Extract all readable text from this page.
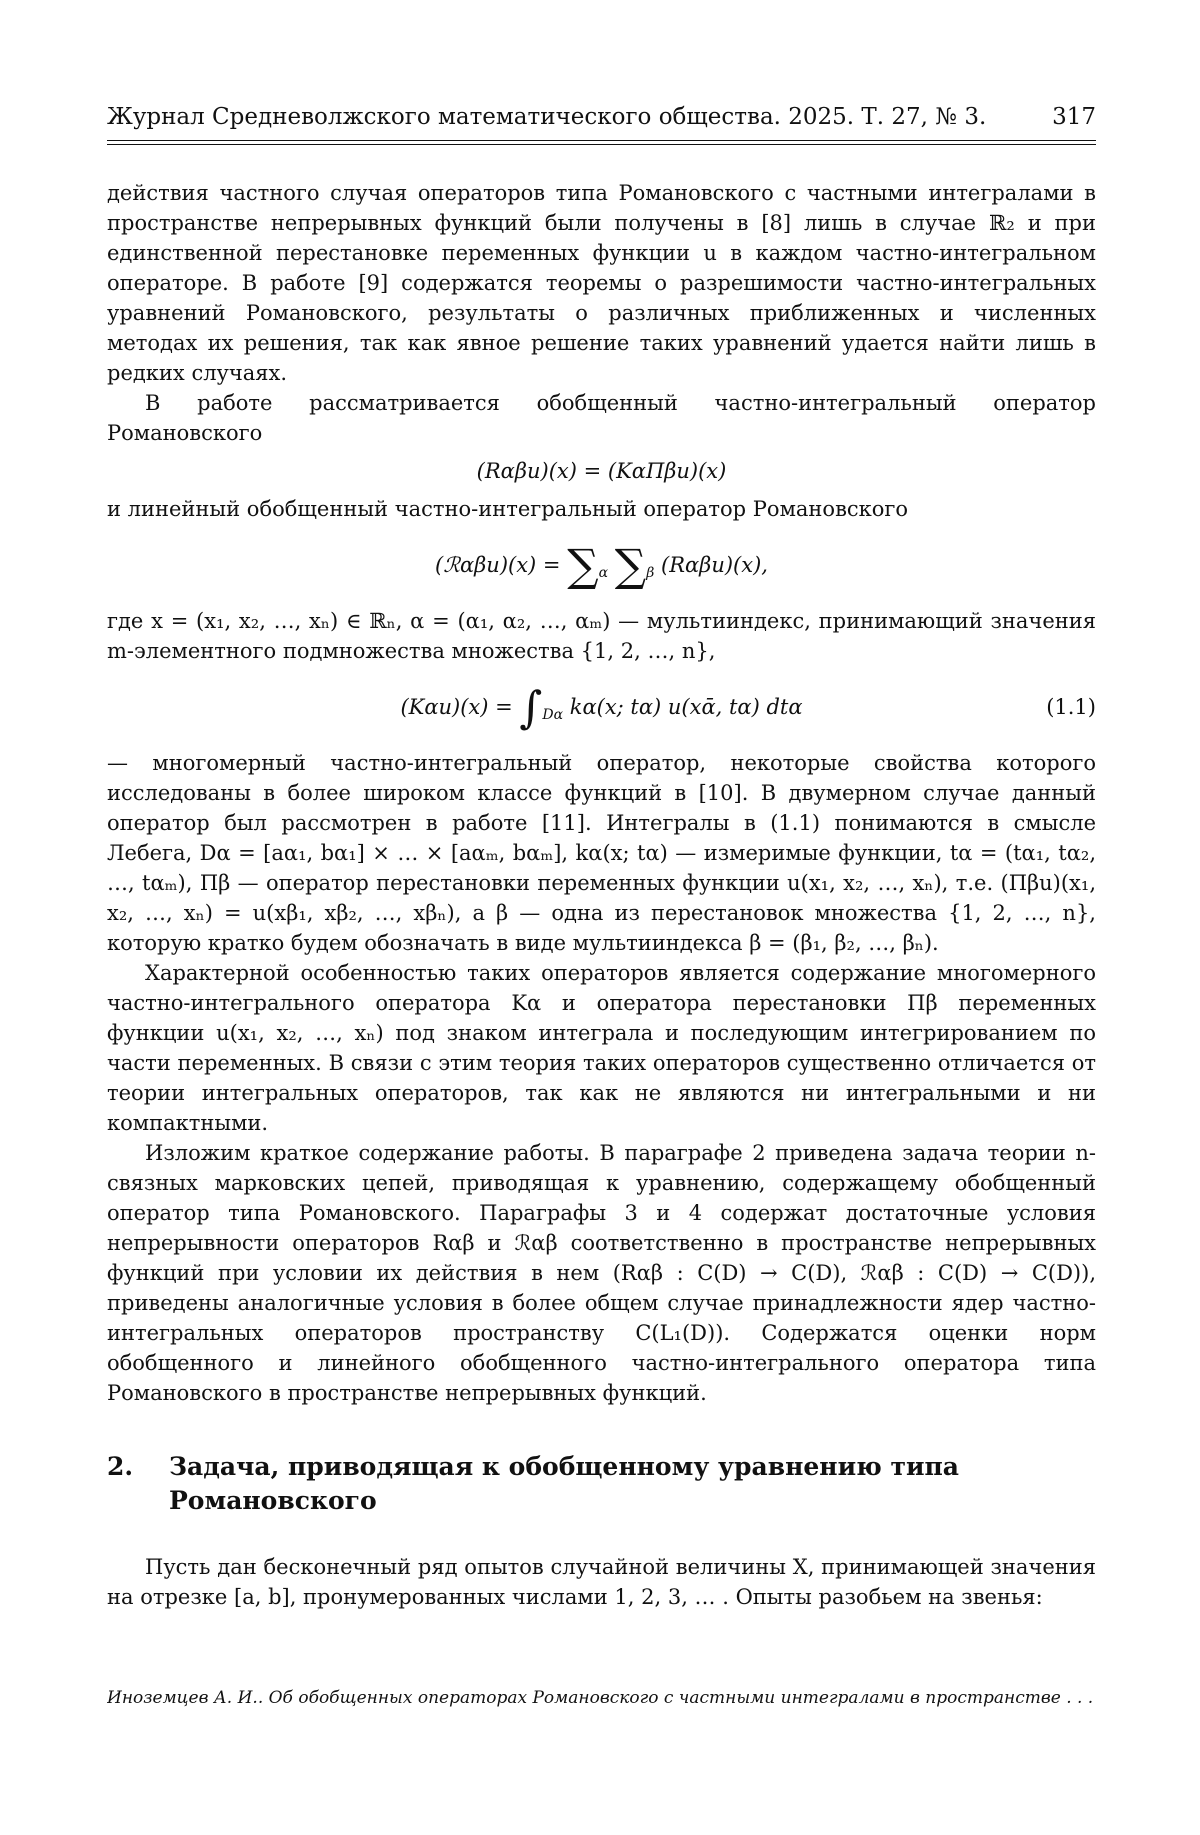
Журнал Средневолжского математического общества. 2025. Т. 27, № 3.	317

действия частного случая операторов типа Романовского с частными интегралами в пространстве непрерывных функций были получены в [8] лишь в случае ℝ₂ и при единственной перестановке переменных функции u в каждом частно-интегральном операторе. В работе [9] содержатся теоремы о разрешимости частно-интегральных уравнений Романовского, результаты о различных приближенных и численных методах их решения, так как явное решение таких уравнений удается найти лишь в редких случаях.

В работе рассматривается обобщенный частно-интегральный оператор Романовского

(Rαβu)(x) = (KαΠβu)(x)

и линейный обобщенный частно-интегральный оператор Романовского

(ℛαβu)(x) = $\sum_\alpha$ $\sum_\beta$ (Rαβu)(x),

где x = (x₁, x₂, …, xₙ) ∈ ℝₙ, α = (α₁, α₂, …, αₘ) — мультииндекс, принимающий значения m-элементного подмножества множества {1, 2, …, n},

$(K\alpha u)(x) = \int_{D\alpha}$ kα(x; tα) u(xᾱ, tα) dtα	(1.1)

— многомерный частно-интегральный оператор, некоторые свойства которого исследованы в более широком классе функций в [10]. В двумерном случае данный оператор был рассмотрен в работе [11]. Интегралы в (1.1) понимаются в смысле Лебега, Dα = [aα₁, bα₁] × … × [aαₘ, bαₘ], kα(x; tα) — измеримые функции, tα = (tα₁, tα₂, …, tαₘ), Πβ — оператор перестановки переменных функции u(x₁, x₂, …, xₙ), т.е. (Πβu)(x₁, x₂, …, xₙ) = u(xβ₁, xβ₂, …, xβₙ), а β — одна из перестановок множества {1, 2, …, n}, которую кратко будем обозначать в виде мультииндекса β = (β₁, β₂, …, βₙ).

Характерной особенностью таких операторов является содержание многомерного частно-интегрального оператора Kα и оператора перестановки Πβ переменных функции u(x₁, x₂, …, xₙ) под знаком интеграла и последующим интегрированием по части переменных. В связи с этим теория таких операторов существенно отличается от теории интегральных операторов, так как не являются ни интегральными и ни компактными.

Изложим краткое содержание работы. В параграфе 2 приведена задача теории n-связных марковских цепей, приводящая к уравнению, содержащему обобщенный оператор типа Романовского. Параграфы 3 и 4 содержат достаточные условия непрерывности операторов Rαβ и ℛαβ соответственно в пространстве непрерывных функций при условии их действия в нем (Rαβ : C(D) → C(D), ℛαβ : C(D) → C(D)), приведены аналогичные условия в более общем случае принадлежности ядер частно-интегральных операторов пространству C(L₁(D)). Содержатся оценки норм обобщенного и линейного обобщенного частно-интегрального оператора типа Романовского в пространстве непрерывных функций.

2. Задача, приводящая к обобщенному уравнению типа Романовского

Пусть дан бесконечный ряд опытов случайной величины X, принимающей значения на отрезке [a, b], пронумерованных числами 1, 2, 3, … . Опыты разобьем на звенья:

Иноземцев А. И.. Об обобщенных операторах Романовского с частными интегралами в пространстве . . .
